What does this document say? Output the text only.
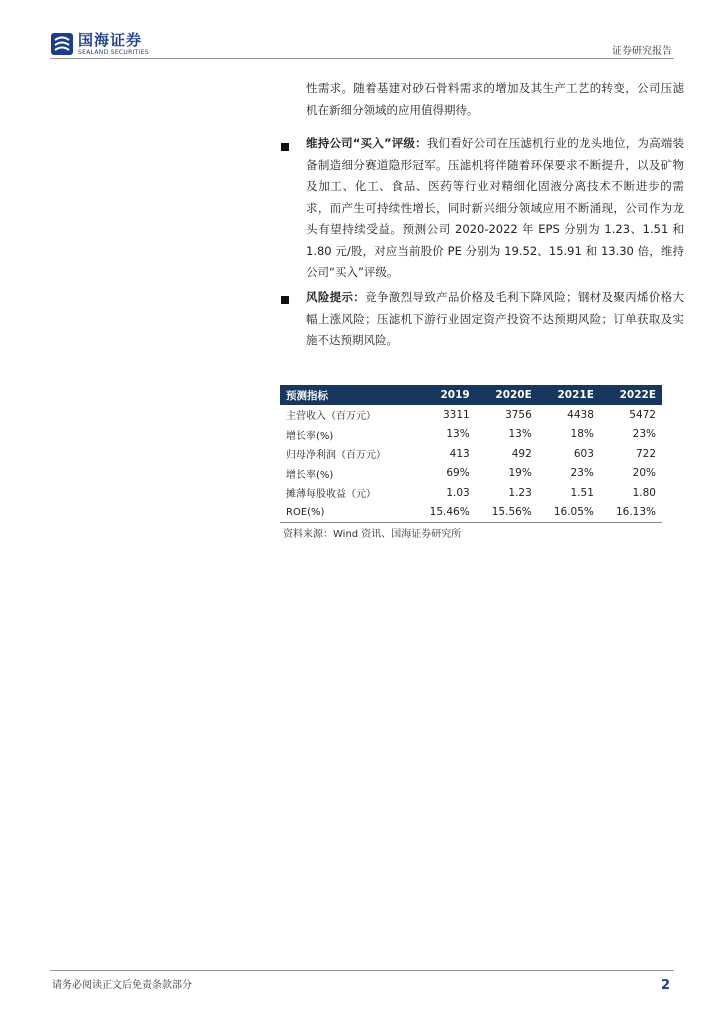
国海证券
SEALAND SECURITIES	证券研究报告
性需求。随着基建对砂石骨料需求的增加及其生产工艺的转变，公司压滤机在新细分领域的应用值得期待。
维持公司“买入”评级：我们看好公司在压滤机行业的龙头地位，为高端装备制造细分赛道隐形冠军。压滤机将伴随着环保要求不断提升，以及矿物及加工、化工、食品、医药等行业对精细化固液分离技术不断进步的需求，而产生可持续性增长，同时新兴细分领域应用不断涌现，公司作为龙头有望持续受益。预测公司 2020-2022 年 EPS 分别为 1.23、1.51 和 1.80 元/股，对应当前股价 PE 分别为 19.52、15.91 和 13.30 倍，维持公司“买入”评级。
风险提示：竞争激烈导致产品价格及毛利下降风险；钢材及聚丙烯价格大幅上涨风险；压滤机下游行业固定资产投资不达预期风险；订单获取及实施不达预期风险。
预测指标	2019	2020E	2021E	2022E
主营收入（百万元）	3311	3756	4438	5472
增长率(%)	13%	13%	18%	23%
归母净利润（百万元）	413	492	603	722
增长率(%)	69%	19%	23%	20%
摊薄每股收益（元）	1.03	1.23	1.51	1.80
ROE(%)	15.46%	15.56%	16.05%	16.13%
资料来源：Wind 资讯、国海证券研究所
请务必阅读正文后免责条款部分	2
